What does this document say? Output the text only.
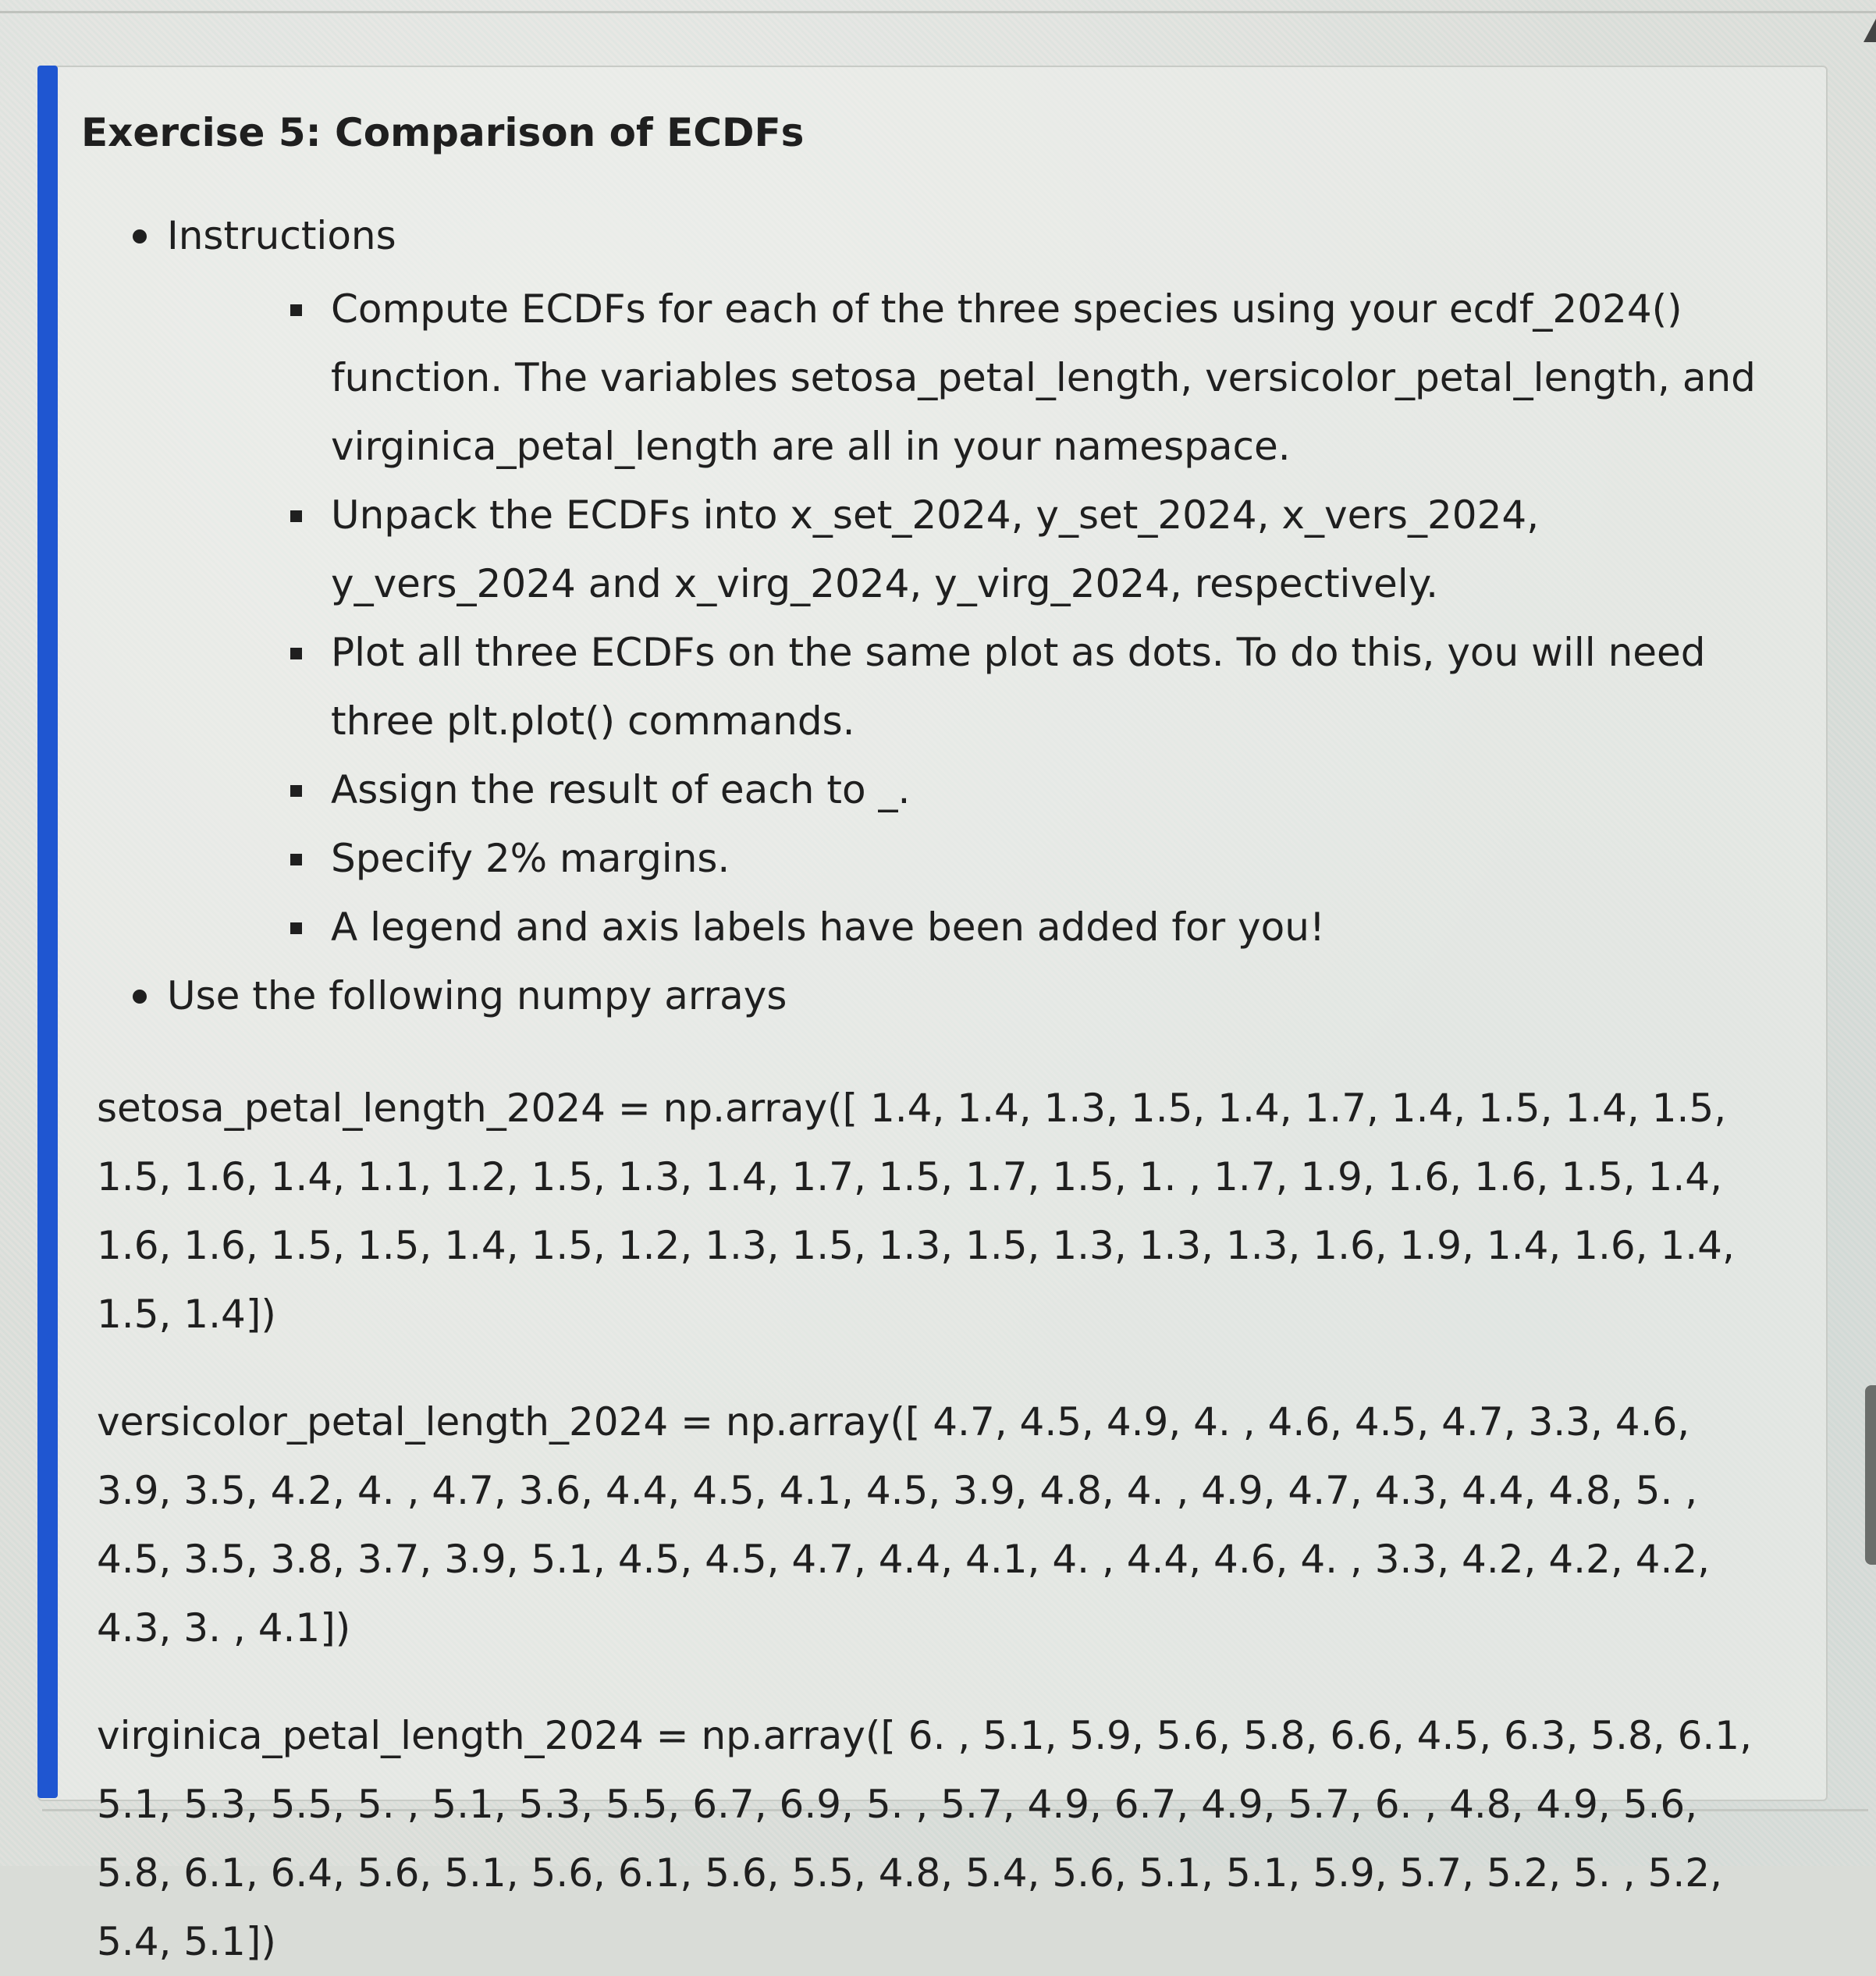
Exercise 5: Comparison of ECDFs
Instructions
Compute ECDFs for each of the three species using your ecdf_2024() function. The variables setosa_petal_length, versicolor_petal_length, and virginica_petal_length are all in your namespace.
Unpack the ECDFs into x_set_2024, y_set_2024, x_vers_2024, y_vers_2024 and x_virg_2024, y_virg_2024, respectively.
Plot all three ECDFs on the same plot as dots. To do this, you will need three plt.plot() commands.
Assign the result of each to _.
Specify 2% margins.
A legend and axis labels have been added for you!
Use the following numpy arrays
setosa_petal_length_2024 = np.array([ 1.4, 1.4, 1.3, 1.5, 1.4, 1.7, 1.4, 1.5, 1.4, 1.5, 1.5, 1.6, 1.4, 1.1, 1.2, 1.5, 1.3, 1.4, 1.7, 1.5, 1.7, 1.5, 1. , 1.7, 1.9, 1.6, 1.6, 1.5, 1.4, 1.6, 1.6, 1.5, 1.5, 1.4, 1.5, 1.2, 1.3, 1.5, 1.3, 1.5, 1.3, 1.3, 1.3, 1.6, 1.9, 1.4, 1.6, 1.4, 1.5, 1.4])
versicolor_petal_length_2024 = np.array([ 4.7, 4.5, 4.9, 4. , 4.6, 4.5, 4.7, 3.3, 4.6, 3.9, 3.5, 4.2, 4. , 4.7, 3.6, 4.4, 4.5, 4.1, 4.5, 3.9, 4.8, 4. , 4.9, 4.7, 4.3, 4.4, 4.8, 5. , 4.5, 3.5, 3.8, 3.7, 3.9, 5.1, 4.5, 4.5, 4.7, 4.4, 4.1, 4. , 4.4, 4.6, 4. , 3.3, 4.2, 4.2, 4.2, 4.3, 3. , 4.1])
virginica_petal_length_2024 = np.array([ 6. , 5.1, 5.9, 5.6, 5.8, 6.6, 4.5, 6.3, 5.8, 6.1, 5.1, 5.3, 5.5, 5. , 5.1, 5.3, 5.5, 6.7, 6.9, 5. , 5.7, 4.9, 6.7, 4.9, 5.7, 6. , 4.8, 4.9, 5.6, 5.8, 6.1, 6.4, 5.6, 5.1, 5.6, 6.1, 5.6, 5.5, 4.8, 5.4, 5.6, 5.1, 5.1, 5.9, 5.7, 5.2, 5. , 5.2, 5.4, 5.1])
